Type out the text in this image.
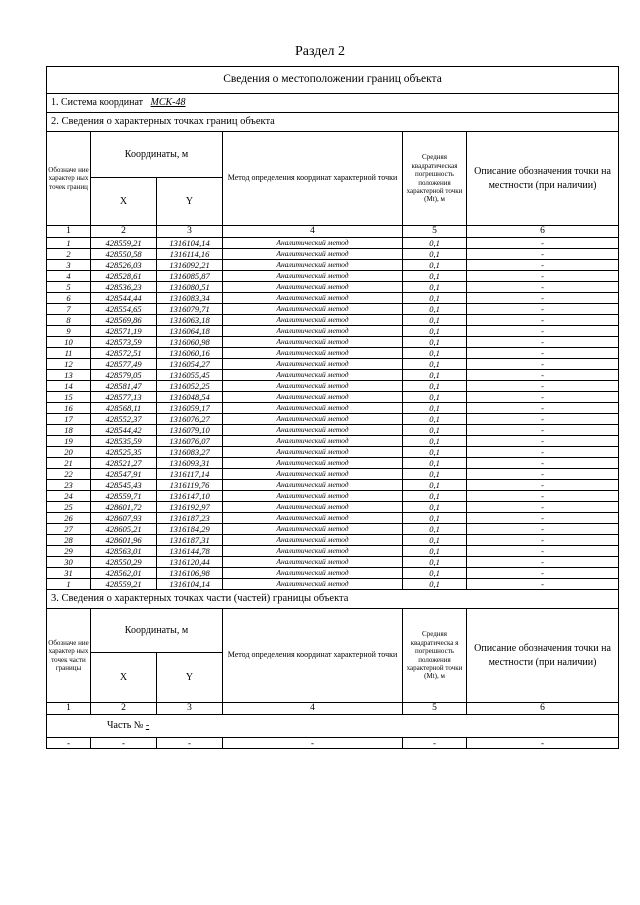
Раздел 2
Сведения о местоположении границ объекта					
1. Система координат МСК-48					
2. Сведения о характерных точках границ объекта					
Обозначе ние характер ных точек границ	Координаты, м		Метод определения координат характерной точки	Средняя квадратическая погрешность положения характерной точки (Mt), м	Описание обозначения точки на местности (при наличии)
	X	Y			
1	2	3	4	5	6
1	428559,21	1316104,14	Аналитический метод	0,1	-
2	428550,58	1316114,16	Аналитический метод	0,1	-
3	428526,03	1316092,21	Аналитический метод	0,1	-
4	428528,61	1316085,87	Аналитический метод	0,1	-
5	428536,23	1316080,51	Аналитический метод	0,1	-
6	428544,44	1316083,34	Аналитический метод	0,1	-
7	428554,65	1316079,71	Аналитический метод	0,1	-
8	428569,86	1316063,18	Аналитический метод	0,1	-
9	428571,19	1316064,18	Аналитический метод	0,1	-
10	428573,59	1316060,98	Аналитический метод	0,1	-
11	428572,51	1316060,16	Аналитический метод	0,1	-
12	428577,49	1316054,27	Аналитический метод	0,1	-
13	428579,05	1316055,45	Аналитический метод	0,1	-
14	428581,47	1316052,25	Аналитический метод	0,1	-
15	428577,13	1316048,54	Аналитический метод	0,1	-
16	428568,11	1316059,17	Аналитический метод	0,1	-
17	428552,37	1316076,27	Аналитический метод	0,1	-
18	428544,42	1316079,10	Аналитический метод	0,1	-
19	428535,59	1316076,07	Аналитический метод	0,1	-
20	428525,35	1316083,27	Аналитический метод	0,1	-
21	428521,27	1316093,31	Аналитический метод	0,1	-
22	428547,91	1316117,14	Аналитический метод	0,1	-
23	428545,43	1316119,76	Аналитический метод	0,1	-
24	428559,71	1316147,10	Аналитический метод	0,1	-
25	428601,72	1316192,97	Аналитический метод	0,1	-
26	428607,93	1316187,23	Аналитический метод	0,1	-
27	428605,21	1316184,29	Аналитический метод	0,1	-
28	428601,96	1316187,31	Аналитический метод	0,1	-
29	428563,01	1316144,78	Аналитический метод	0,1	-
30	428550,29	1316120,44	Аналитический метод	0,1	-
31	428562,01	1316106,98	Аналитический метод	0,1	-
1	428559,21	1316104,14	Аналитический метод	0,1	-
3. Сведения о характерных точках части (частей) границы объекта					
Обозначе ние характер ных точек части границы	Координаты, м		Метод определения координат характерной точки	Средняя квадратическа я погрешность положения характерной точки (Mt), м	Описание обозначения точки на местности (при наличии)
	X	Y			
1	2	3	4	5	6
Часть № -					
-	-	-	-	-	-
